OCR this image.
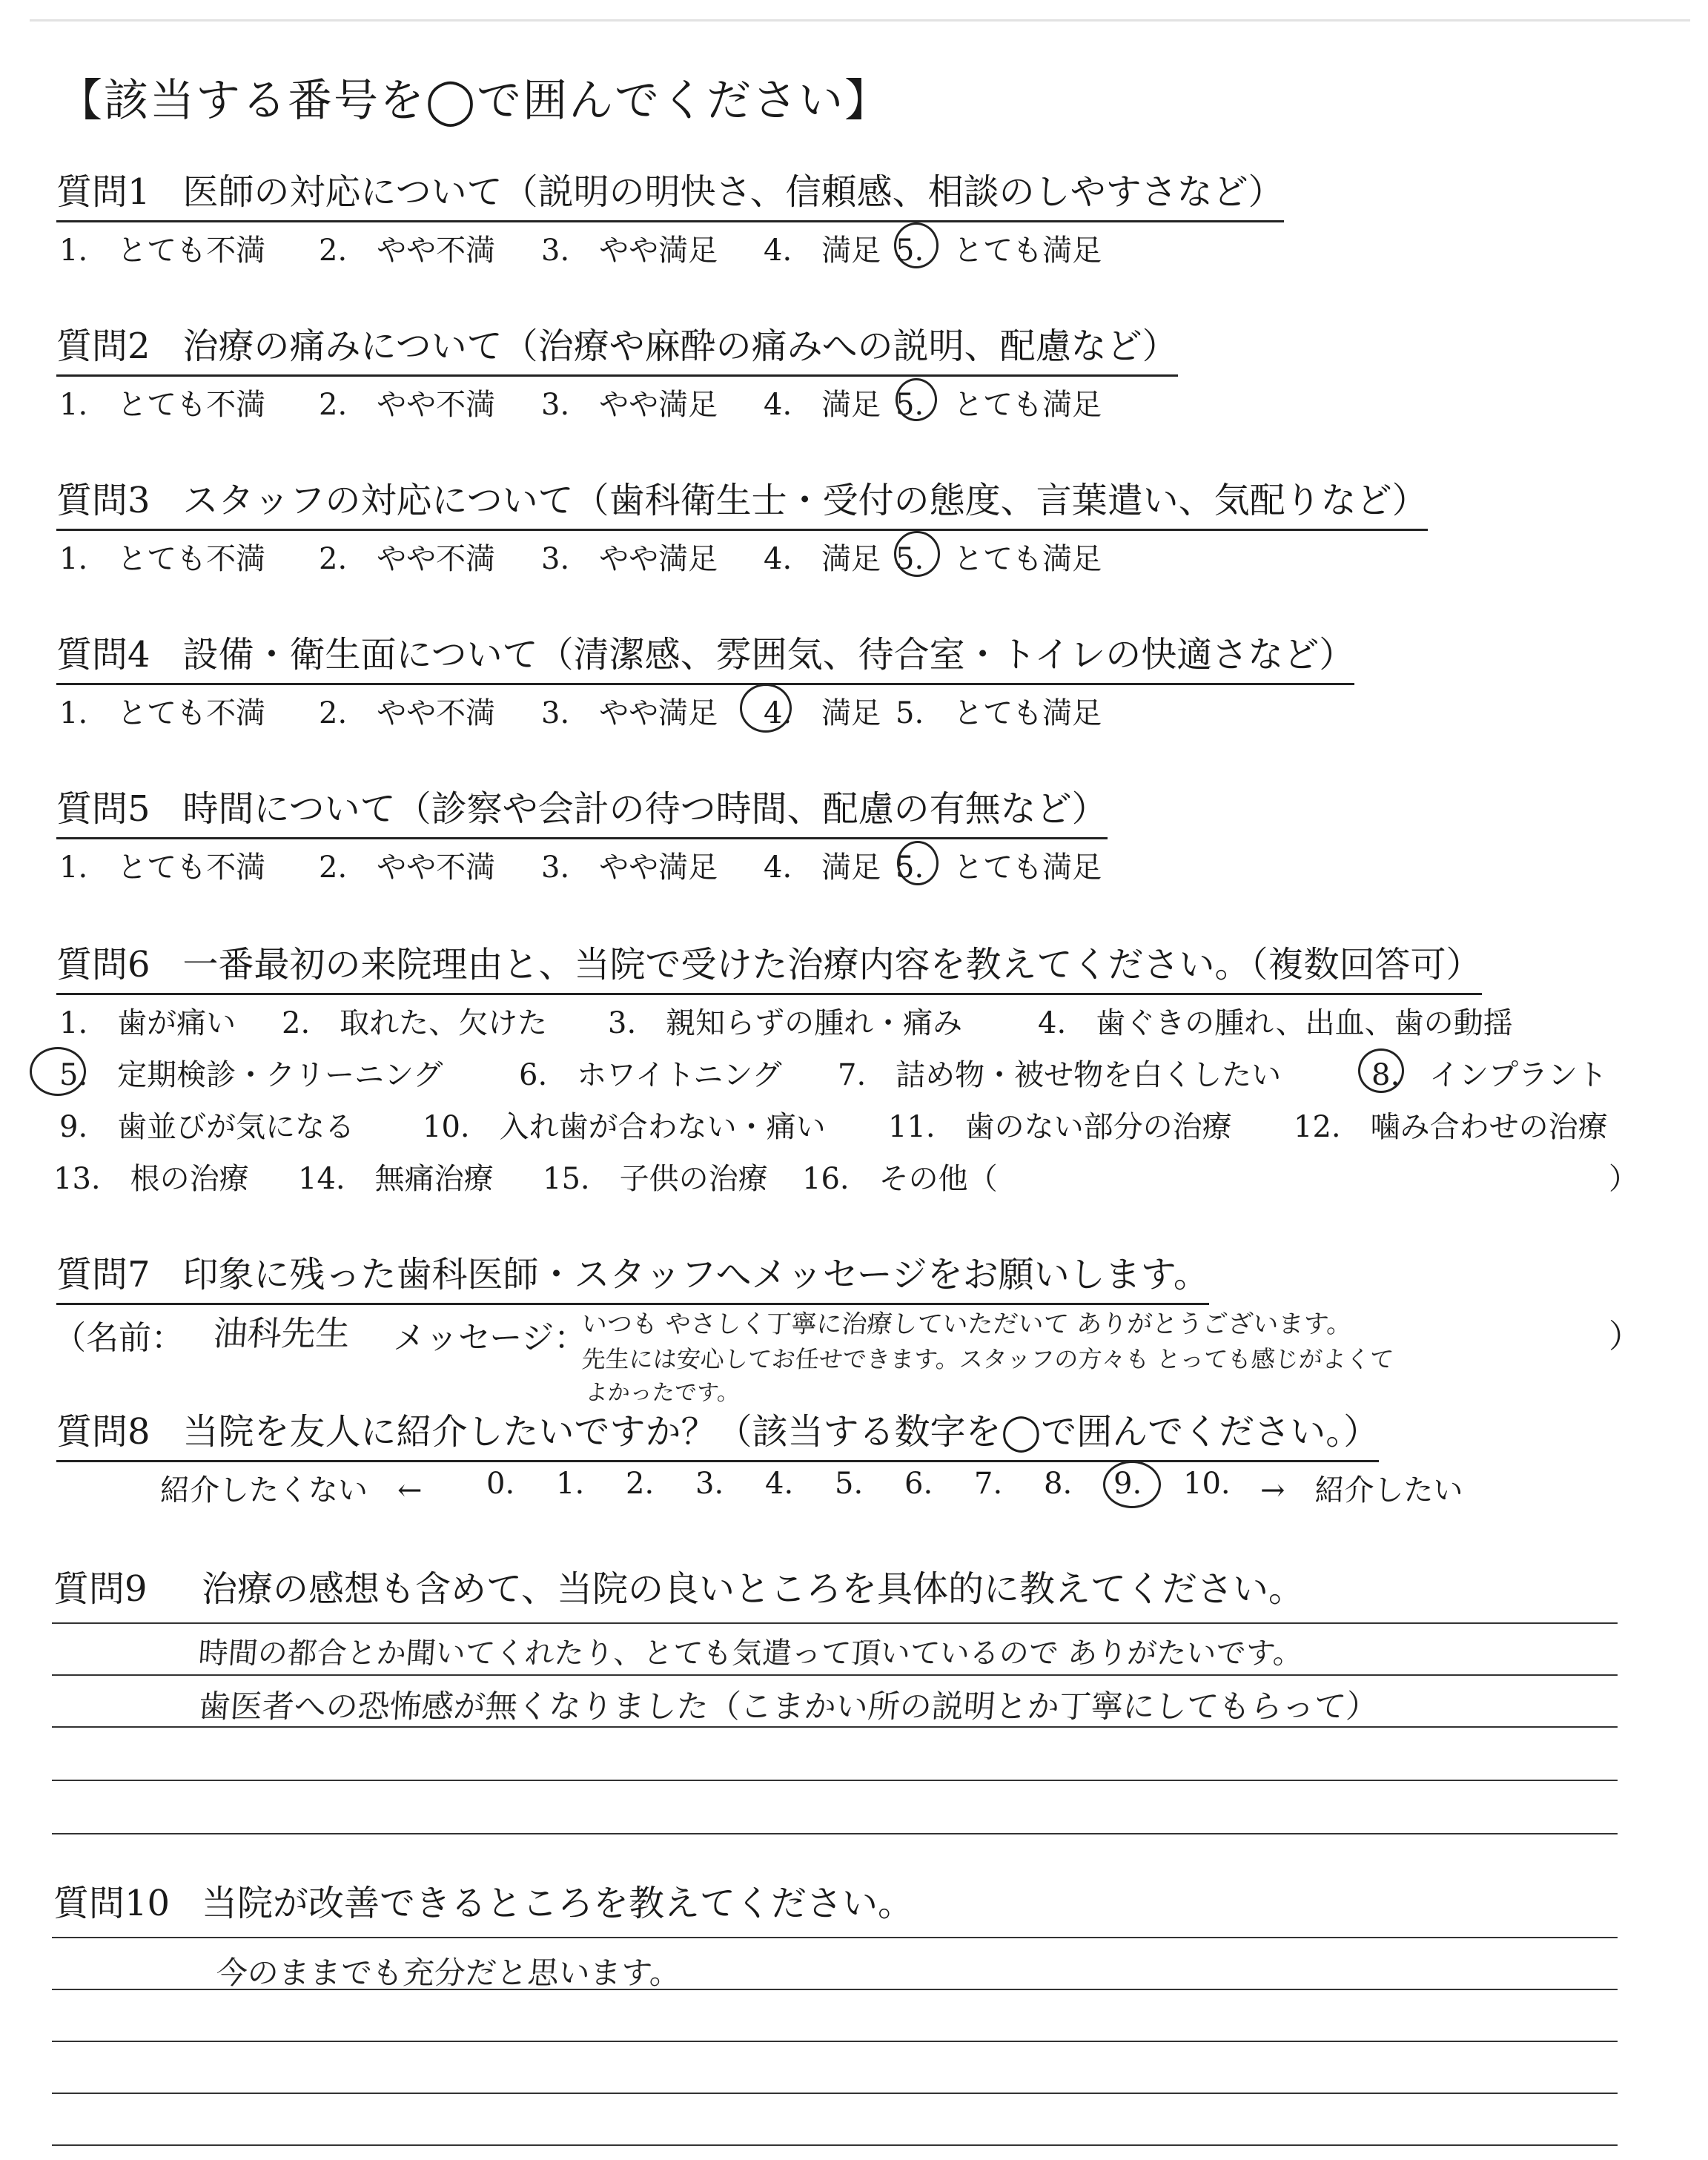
【該当する番号を◯で囲んでください】
質問1 医師の対応について（説明の明快さ、信頼感、相談のしやすさなど）
1.　とても不満 2.　やや不満 3.　やや満足 4.　満足 5.　とても満足
質問2 治療の痛みについて（治療や麻酔の痛みへの説明、配慮など）
1.　とても不満 2.　やや不満 3.　やや満足 4.　満足 5.　とても満足
質問3 スタッフの対応について（歯科衛生士・受付の態度、言葉遣い、気配りなど）
1.　とても不満 2.　やや不満 3.　やや満足 4.　満足 5.　とても満足
質問4 設備・衛生面について（清潔感、雰囲気、待合室・トイレの快適さなど）
1.　とても不満 2.　やや不満 3.　やや満足 4.　満足 5.　とても満足
質問5 時間について（診察や会計の待つ時間、配慮の有無など）
1.　とても不満 2.　やや不満 3.　やや満足 4.　満足 5.　とても満足
質問6 一番最初の来院理由と、当院で受けた治療内容を教えてください。（複数回答可）
1.　歯が痛い 2.　取れた、欠けた 3.　親知らずの腫れ・痛み	4.　歯ぐきの腫れ、出血、歯の動揺
5.　定期検診・クリーニング	6.　ホワイトニング 7.　詰め物・被せ物を白くしたい	8.　インプラント
9.　歯並びが気になる 10.　入れ歯が合わない・痛い 11.　歯のない部分の治療 12.　噛み合わせの治療
13.　根の治療 14.　無痛治療 15.　子供の治療 16.　その他（	）
質問7 印象に残った歯科医師・スタッフへメッセージをお願いします。
（名前： 油科先生 メッセージ：
いつも やさしく丁寧に治療していただいて ありがとうございます。
先生には安心してお任せできます。スタッフの方々も とっても感じがよくて
よかったです。
）
質問8 当院を友人に紹介したいですか？（該当する数字を◯で囲んでください。）
紹介したくない　← 0. 1. 2. 3. 4. 5. 6. 7. 8. 9. 10. →　紹介したい
質問9 治療の感想も含めて、当院の良いところを具体的に教えてください。
時間の都合とか聞いてくれたり、とても気遣って頂いているので ありがたいです。
歯医者への恐怖感が無くなりました（こまかい所の説明とか丁寧にしてもらって）
質問10 当院が改善できるところを教えてください。
今のままでも充分だと思います。
